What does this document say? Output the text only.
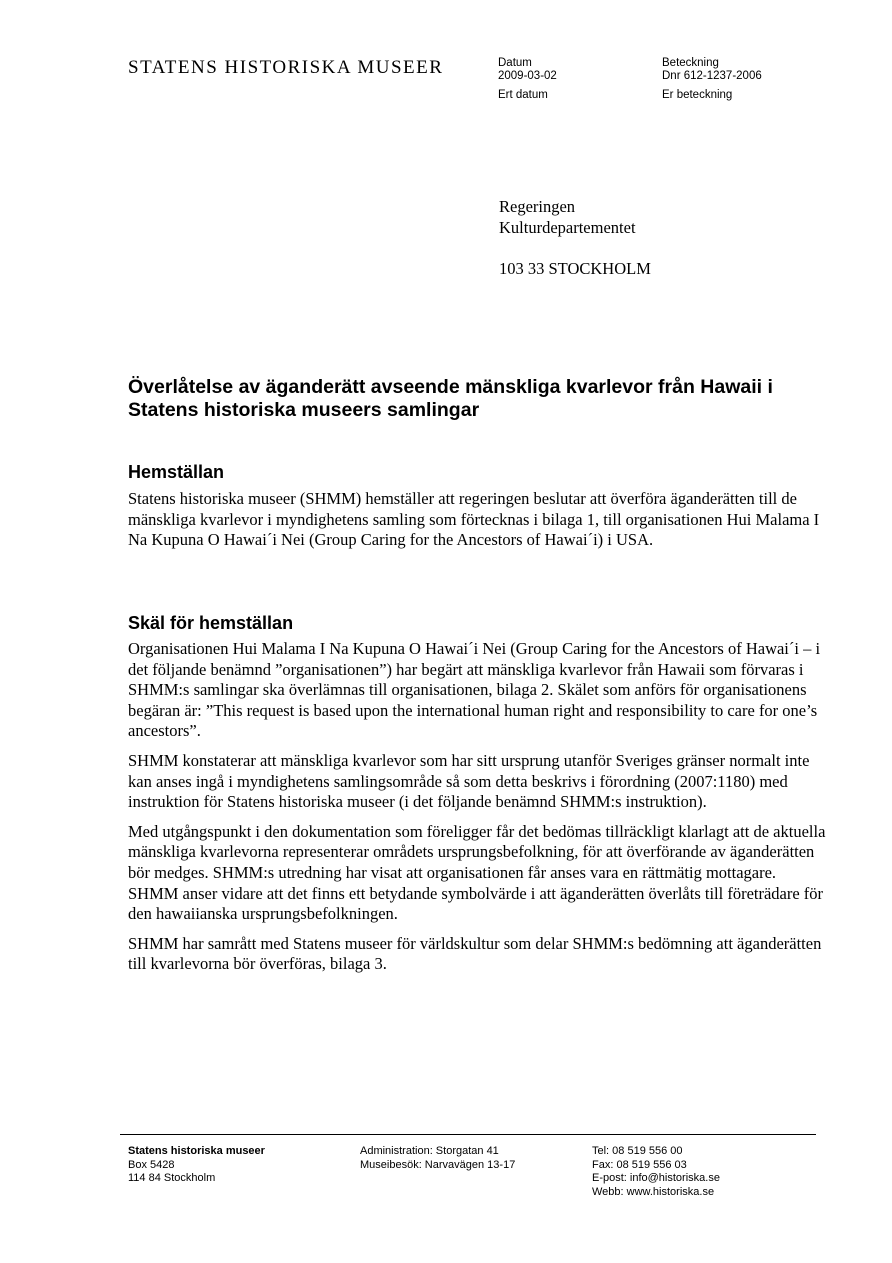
STATENS HISTORISKA MUSEER	Datum
2009-03-02
Ert datum
Beteckning
Dnr 612-1237-2006
Er beteckning
Regeringen
Kulturdepartementet
103 33 STOCKHOLM
Överlåtelse av äganderätt avseende mänskliga kvarlevor från Hawaii i Statens historiska museers samlingar
Hemställan

Statens historiska museer (SHMM) hemställer att regeringen beslutar att överföra äganderätten till de mänskliga kvarlevor i myndighetens samling som förtecknas i bilaga 1, till organisationen Hui Malama I Na Kupuna O Hawai´i Nei (Group Caring for the Ancestors of Hawai´i) i USA.

Skäl för hemställan

Organisationen Hui Malama I Na Kupuna O Hawai´i Nei (Group Caring for the Ancestors of Hawai´i – i det följande benämnd ”organisationen”) har begärt att mänskliga kvarlevor från Hawaii som förvaras i SHMM:s samlingar ska överlämnas till organisationen, bilaga 2. Skälet som anförs för organisationens begäran är: ”This request is based upon the international human right and responsibility to care for one’s ancestors”.

SHMM konstaterar att mänskliga kvarlevor som har sitt ursprung utanför Sveriges gränser normalt inte kan anses ingå i myndighetens samlingsområde så som detta beskrivs i förordning (2007:1180) med instruktion för Statens historiska museer (i det följande benämnd SHMM:s instruktion).

Med utgångspunkt i den dokumentation som föreligger får det bedömas tillräckligt klarlagt att de aktuella mänskliga kvarlevorna representerar områdets ursprungsbefolkning, för att överförande av äganderätten bör medges. SHMM:s utredning har visat att organisationen får anses vara en rättmätig mottagare. SHMM anser vidare att det finns ett betydande symbolvärde i att äganderätten överlåts till företrädare för den hawaiianska ursprungsbefolkningen.

SHMM har samrått med Statens museer för världskultur som delar SHMM:s bedömning att äganderätten till kvarlevorna bör överföras, bilaga 3.

Statens historiska museer
Box 5428
114 84 Stockholm
Administration: Storgatan 41
Museibesök: Narvavägen 13-17
Tel: 08 519 556 00
Fax: 08 519 556 03
E-post: info@historiska.se
Webb: www.historiska.se
